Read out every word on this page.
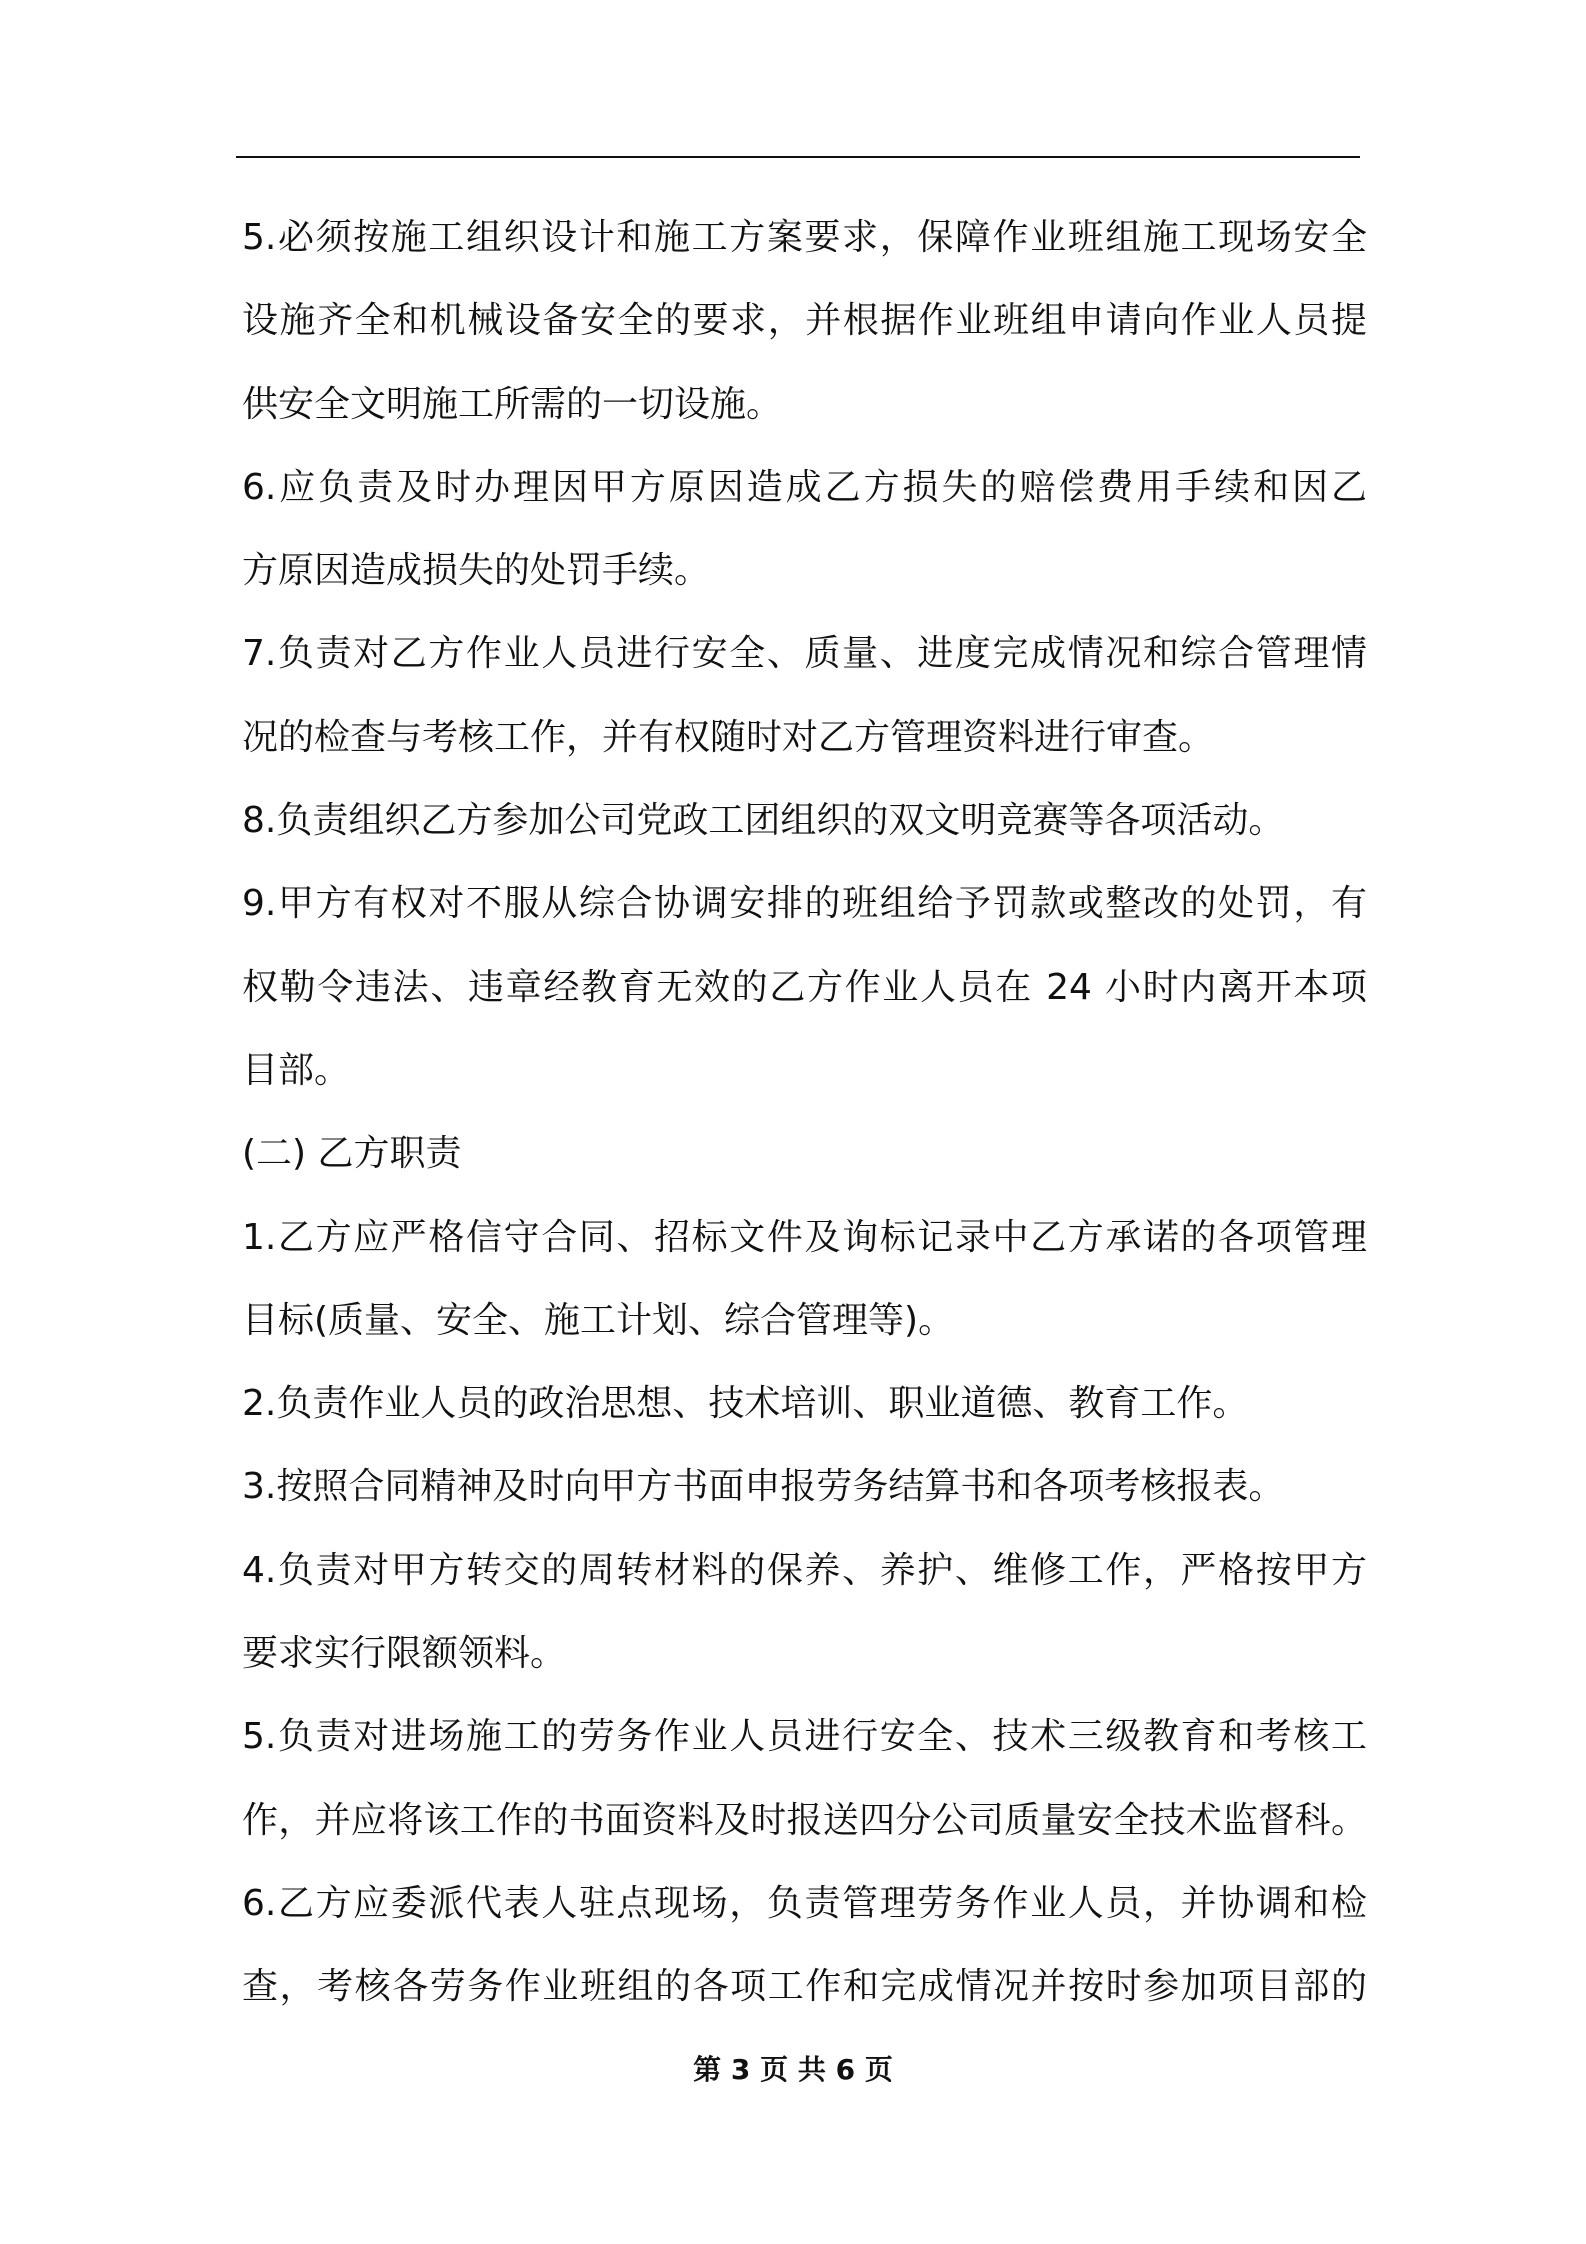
5.必须按施工组织设计和施工方案要求，保障作业班组施工现场安全
设施齐全和机械设备安全的要求，并根据作业班组申请向作业人员提
供安全文明施工所需的一切设施。
6.应负责及时办理因甲方原因造成乙方损失的赔偿费用手续和因乙
方原因造成损失的处罚手续。
7.负责对乙方作业人员进行安全、质量、进度完成情况和综合管理情
况的检查与考核工作，并有权随时对乙方管理资料进行审查。
8.负责组织乙方参加公司党政工团组织的双文明竞赛等各项活动。
9.甲方有权对不服从综合协调安排的班组给予罚款或整改的处罚，有
权勒令违法、违章经教育无效的乙方作业人员在 24 小时内离开本项
目部。
(二) 乙方职责
1.乙方应严格信守合同、招标文件及询标记录中乙方承诺的各项管理
目标(质量、安全、施工计划、综合管理等)。
2.负责作业人员的政治思想、技术培训、职业道德、教育工作。
3.按照合同精神及时向甲方书面申报劳务结算书和各项考核报表。
4.负责对甲方转交的周转材料的保养、养护、维修工作，严格按甲方
要求实行限额领料。
5.负责对进场施工的劳务作业人员进行安全、技术三级教育和考核工
作，并应将该工作的书面资料及时报送四分公司质量安全技术监督科。
6.乙方应委派代表人驻点现场，负责管理劳务作业人员，并协调和检
查，考核各劳务作业班组的各项工作和完成情况并按时参加项目部的
第 3 页 共 6 页
